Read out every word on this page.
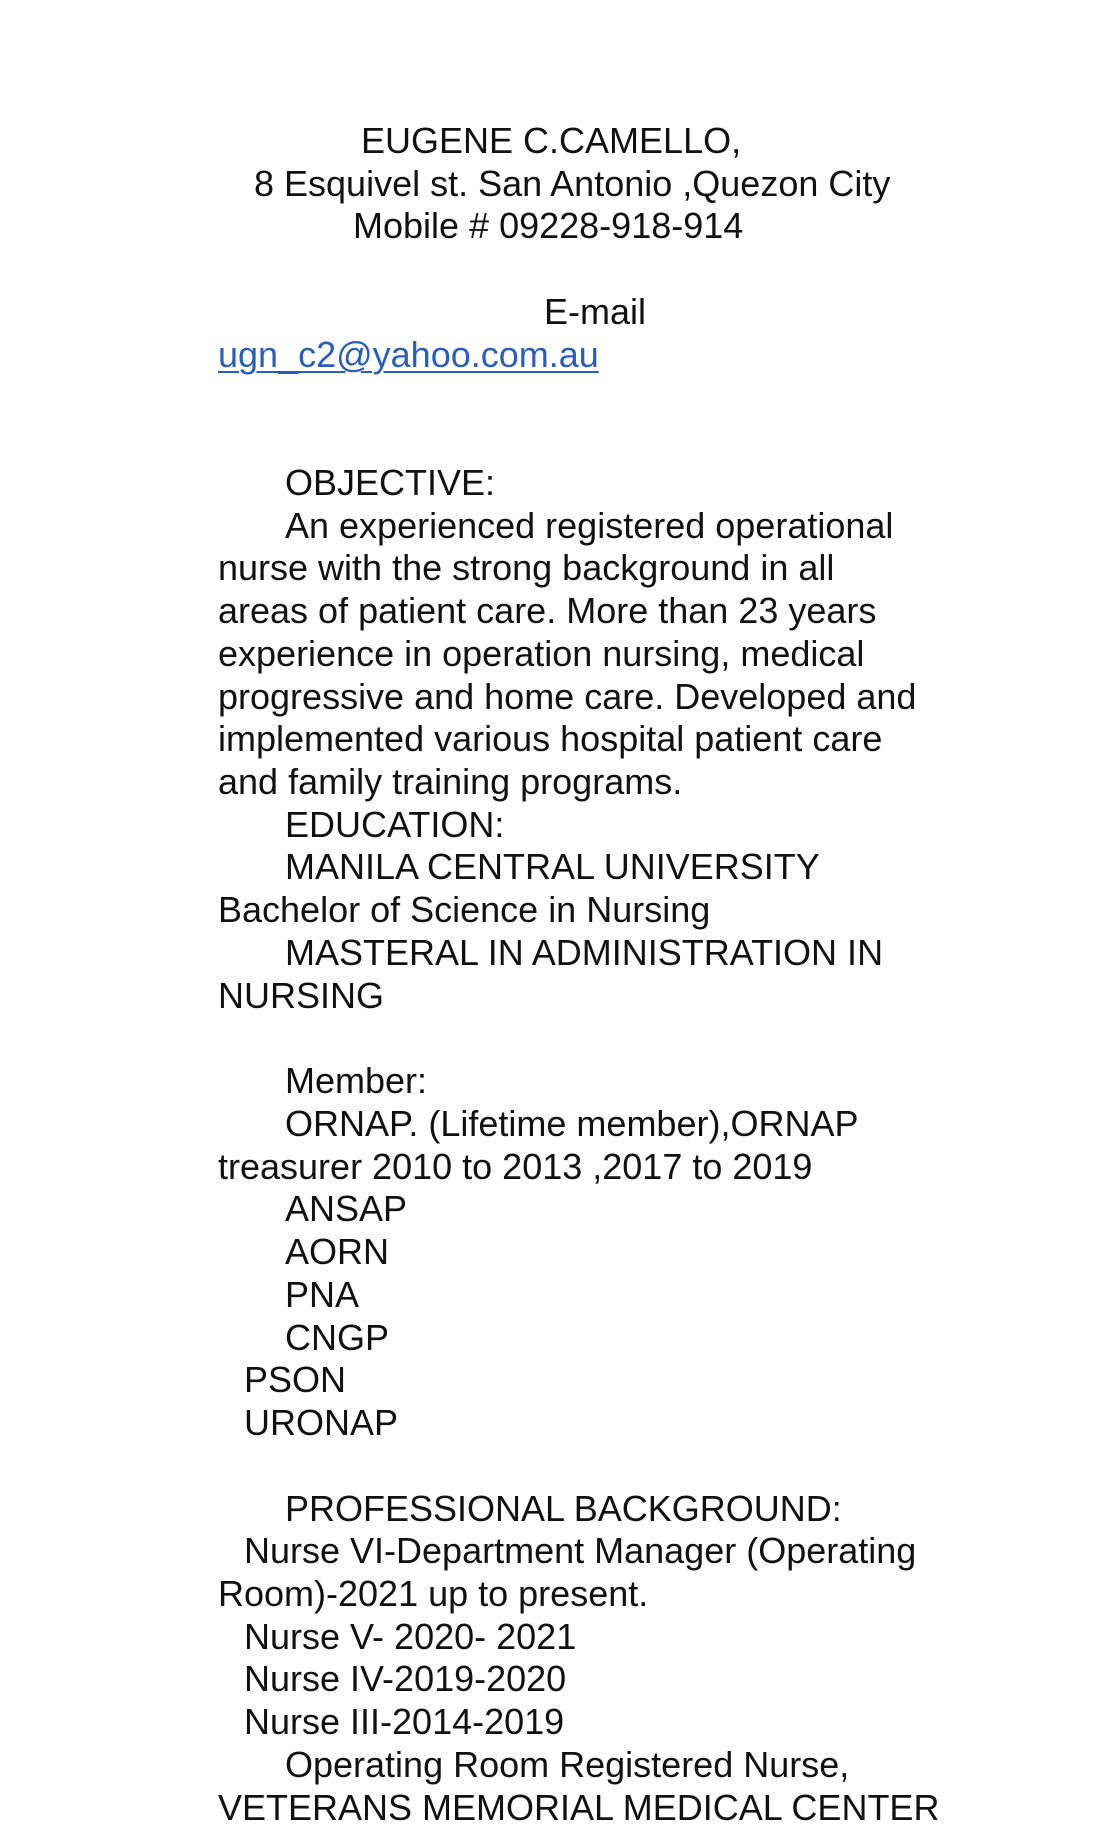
EUGENE C.CAMELLO,
8 Esquivel st. San Antonio ,Quezon City
Mobile # 09228-918-914
E-mail
ugn_c2@yahoo.com.au
OBJECTIVE:
An experienced registered operational
nurse with the strong background in all
areas of patient care. More than 23 years
experience in operation nursing, medical
progressive and home care. Developed and
implemented various hospital patient care
and family training programs.
EDUCATION:
MANILA CENTRAL UNIVERSITY
Bachelor of Science in Nursing
MASTERAL IN ADMINISTRATION IN
NURSING
Member:
ORNAP. (Lifetime member),ORNAP
treasurer 2010 to 2013 ,2017 to 2019
ANSAP
AORN
PNA
CNGP
PSON
URONAP
PROFESSIONAL BACKGROUND:
Nurse VI-Department Manager (Operating
Room)-2021 up to present.
Nurse V- 2020- 2021
Nurse IV-2019-2020
Nurse III-2014-2019
Operating Room Registered Nurse,
VETERANS MEMORIAL MEDICAL CENTER
